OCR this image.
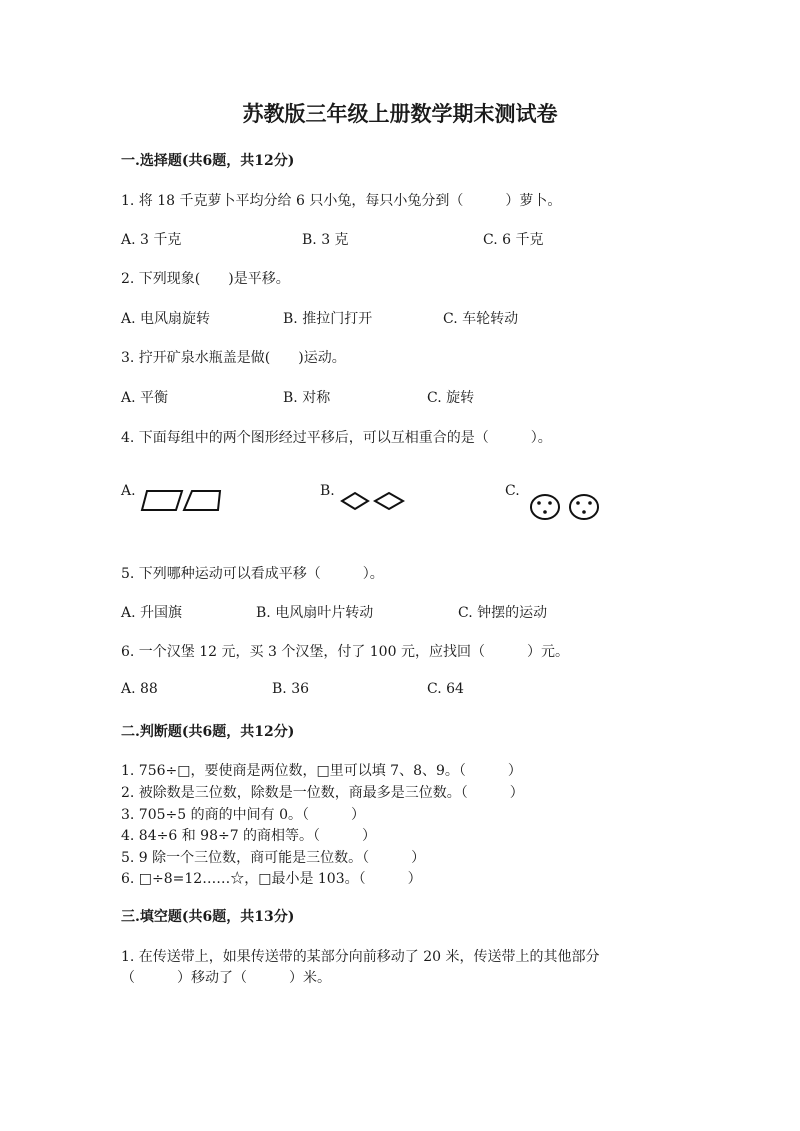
苏教版三年级上册数学期末测试卷
一.选择题(共6题，共12分)
1. 将 18 千克萝卜平均分给 6 只小兔，每只小兔分到（　　　）萝卜。
A. 3 千克	B. 3 克	C. 6 千克
2. 下列现象(　　)是平移。
A. 电风扇旋转	B. 推拉门打开	C. 车轮转动
3. 拧开矿泉水瓶盖是做(　　)运动。
A. 平衡	B. 对称	C. 旋转
4. 下面每组中的两个图形经过平移后，可以互相重合的是（　　　）。
A.	B.	C.
5. 下列哪种运动可以看成平移（　　　）。
A. 升国旗	B. 电风扇叶片转动	C. 钟摆的运动
6. 一个汉堡 12 元，买 3 个汉堡，付了 100 元，应找回（　　　）元。
A. 88	B. 36	C. 64
二.判断题(共6题，共12分)
1. 756÷□，要使商是两位数，□里可以填 7、8、9。（　　　）
2. 被除数是三位数，除数是一位数，商最多是三位数。（　　　）
3. 705÷5 的商的中间有 0。（　　　）
4. 84÷6 和 98÷7 的商相等。（　　　）
5. 9 除一个三位数，商可能是三位数。（　　　）
6. □÷8=12……☆，□最小是 103。（　　　）
三.填空题(共6题，共13分)
1. 在传送带上，如果传送带的某部分向前移动了 20 米，传送带上的其他部分
（　　　）移动了（　　　）米。
